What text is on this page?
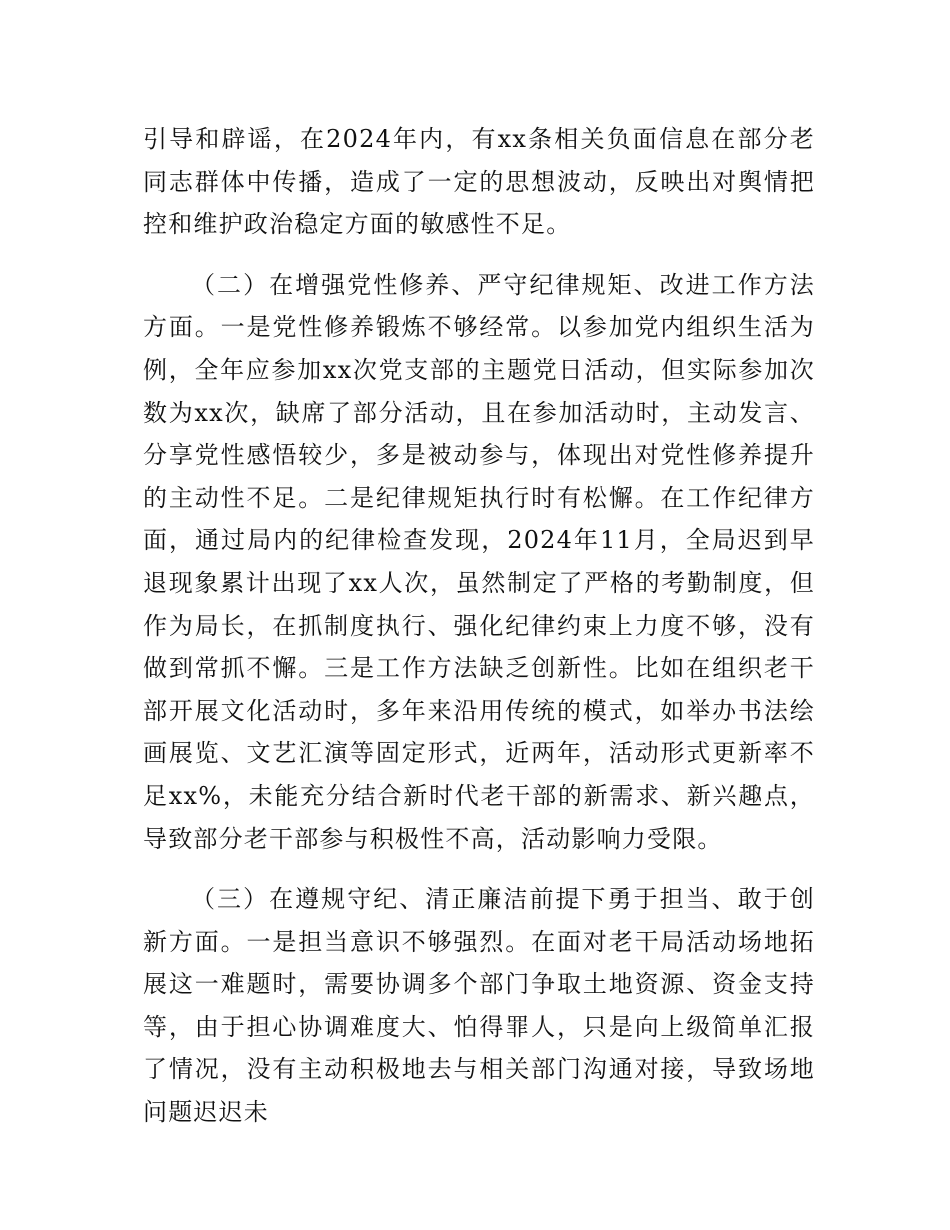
引导和辟谣，在2024年内，有xx条相关负面信息在部分老同志群体中传播，造成了一定的思想波动，反映出对舆情把控和维护政治稳定方面的敏感性不足。

（二）在增强党性修养、严守纪律规矩、改进工作方法方面。一是党性修养锻炼不够经常。以参加党内组织生活为例，全年应参加xx次党支部的主题党日活动，但实际参加次数为xx次，缺席了部分活动，且在参加活动时，主动发言、分享党性感悟较少，多是被动参与，体现出对党性修养提升的主动性不足。二是纪律规矩执行时有松懈。在工作纪律方面，通过局内的纪律检查发现，2024年11月，全局迟到早退现象累计出现了xx人次，虽然制定了严格的考勤制度，但作为局长，在抓制度执行、强化纪律约束上力度不够，没有做到常抓不懈。三是工作方法缺乏创新性。比如在组织老干部开展文化活动时，多年来沿用传统的模式，如举办书法绘画展览、文艺汇演等固定形式，近两年，活动形式更新率不足xx%，未能充分结合新时代老干部的新需求、新兴趣点，导致部分老干部参与积极性不高，活动影响力受限。

（三）在遵规守纪、清正廉洁前提下勇于担当、敢于创新方面。一是担当意识不够强烈。在面对老干局活动场地拓展这一难题时，需要协调多个部门争取土地资源、资金支持等，由于担心协调难度大、怕得罪人，只是向上级简单汇报了情况，没有主动积极地去与相关部门沟通对接，导致场地问题迟迟未
